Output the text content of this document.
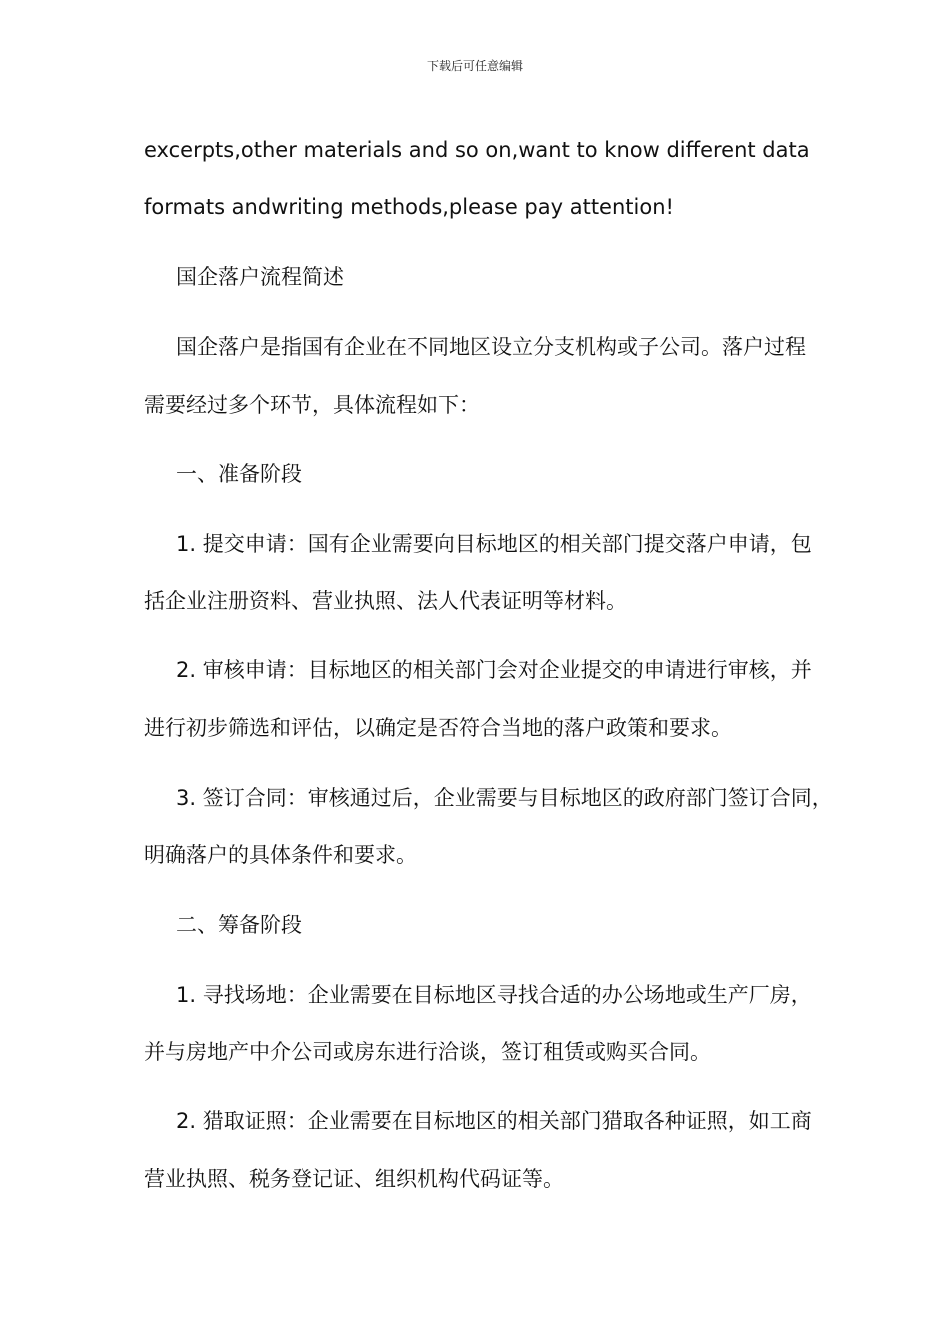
下载后可任意编辑
excerpts,other materials and so on,want to know different data
formats andwriting methods,please pay attention!
国企落户流程简述
国企落户是指国有企业在不同地区设立分支机构或子公司。落户过程
需要经过多个环节，具体流程如下：
一、准备阶段
1. 提交申请：国有企业需要向目标地区的相关部门提交落户申请，包
括企业注册资料、营业执照、法人代表证明等材料。
2. 审核申请：目标地区的相关部门会对企业提交的申请进行审核，并
进行初步筛选和评估，以确定是否符合当地的落户政策和要求。
3. 签订合同：审核通过后，企业需要与目标地区的政府部门签订合同，
明确落户的具体条件和要求。
二、筹备阶段
1. 寻找场地：企业需要在目标地区寻找合适的办公场地或生产厂房，
并与房地产中介公司或房东进行洽谈，签订租赁或购买合同。
2. 猎取证照：企业需要在目标地区的相关部门猎取各种证照，如工商
营业执照、税务登记证、组织机构代码证等。
